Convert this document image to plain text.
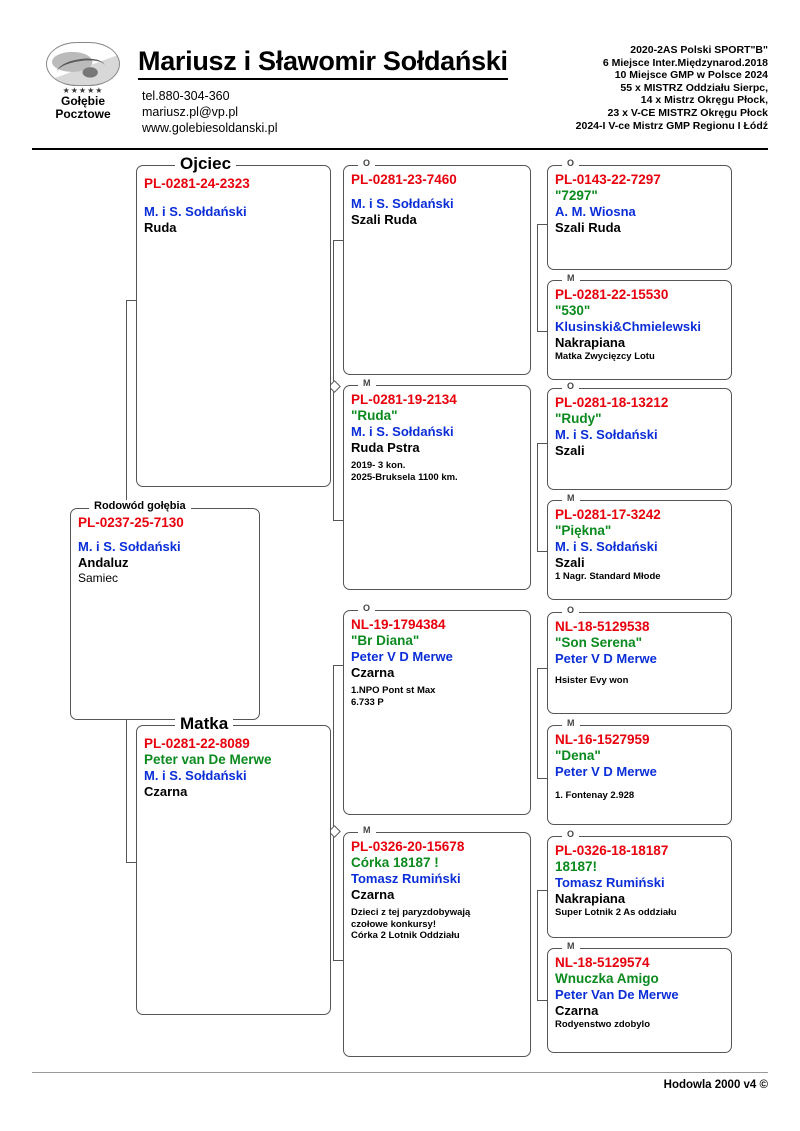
★★★★★
Gołębie
Pocztowe
Mariusz i Sławomir Sołdański
tel.880-304-360
mariusz.pl@vp.pl
www.golebiesoldanski.pl
2020-2AS Polski SPORT"B"
6 Miejsce Inter.Międzynarod.2018
10 Miejsce GMP w Polsce 2024
55 x MISTRZ Oddziału Sierpc,
14 x Mistrz Okręgu Płock,
23 x V-CE MISTRZ Okręgu Płock
2024-I V-ce Mistrz GMP Regionu I Łódź
Rodowód gołębia
PL-0237-25-7130
M. i S. Sołdański
Andaluz
Samiec
Ojciec
PL-0281-24-2323
M. i S. Sołdański
Ruda
Matka
PL-0281-22-8089
Peter van De Merwe
M. i S. Sołdański
Czarna
O
PL-0281-23-7460
M. i S. Sołdański
Szali Ruda
M
PL-0281-19-2134
"Ruda"
M. i S. Sołdański
Ruda Pstra
2019- 3 kon.
2025-Bruksela 1100 km.
O
NL-19-1794384
"Br Diana"
Peter V D Merwe
Czarna
1.NPO Pont st Max
6.733 P
M
PL-0326-20-15678
Córka 18187 !
Tomasz Rumiński
Czarna
Dzieci z tej paryzdobywają
czołowe konkursy!
Córka 2 Lotnik Oddziału
O
PL-0143-22-7297
"7297"
A. M. Wiosna
Szali Ruda
M
PL-0281-22-15530
"530"
Klusinski&Chmielewski
Nakrapiana
Matka Zwycięzcy Lotu
O
PL-0281-18-13212
"Rudy"
M. i S. Sołdański
Szali
M
PL-0281-17-3242
"Piękna"
M. i S. Sołdański
Szali
1 Nagr. Standard Młode
O
NL-18-5129538
"Son Serena"
Peter V D Merwe
Hsister Evy won
M
NL-16-1527959
"Dena"
Peter V D Merwe
1. Fontenay 2.928
O
PL-0326-18-18187
18187!
Tomasz Rumiński
Nakrapiana
Super Lotnik 2 As oddziału
M
NL-18-5129574
Wnuczka Amigo
Peter Van De Merwe
Czarna
Rodyenstwo zdobylo
Hodowla 2000 v4 ©
